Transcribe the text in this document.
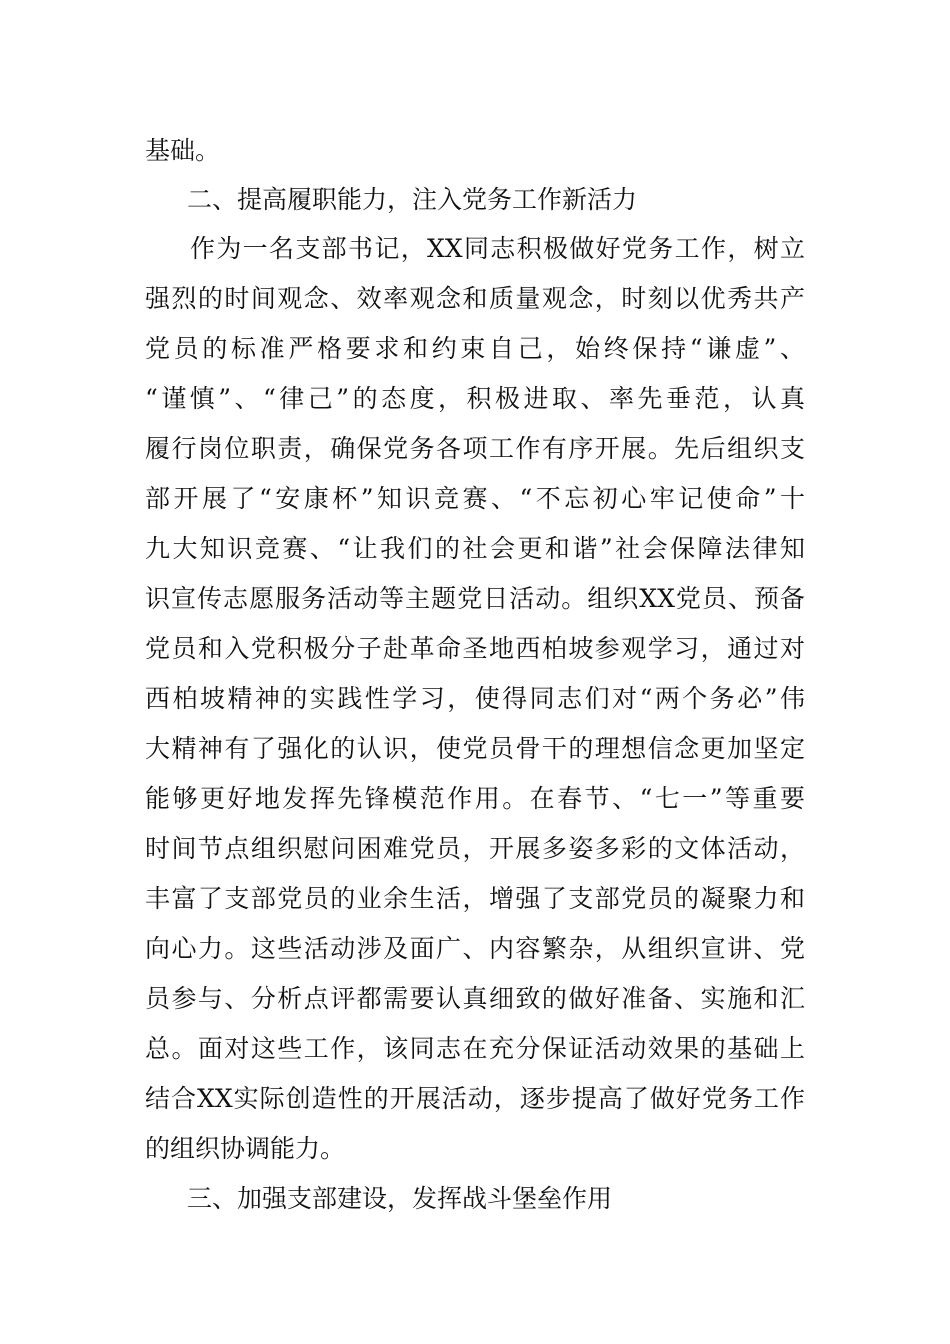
基础。
二、提高履职能力，注入党务工作新活力
作为一名支部书记，XX同志积极做好党务工作，树立
强烈的时间观念、效率观念和质量观念，时刻以优秀共产
党员的标准严格要求和约束自己，始终保持“谦虚”、
“谨慎”、“律己”的态度，积极进取、率先垂范，认真
履行岗位职责，确保党务各项工作有序开展。先后组织支
部开展了“安康杯”知识竞赛、“不忘初心牢记使命”十
九大知识竞赛、“让我们的社会更和谐”社会保障法律知
识宣传志愿服务活动等主题党日活动。组织XX党员、预备
党员和入党积极分子赴革命圣地西柏坡参观学习，通过对
西柏坡精神的实践性学习，使得同志们对“两个务必”伟
大精神有了强化的认识，使党员骨干的理想信念更加坚定
能够更好地发挥先锋模范作用。在春节、“七一”等重要
时间节点组织慰问困难党员，开展多姿多彩的文体活动，
丰富了支部党员的业余生活，增强了支部党员的凝聚力和
向心力。这些活动涉及面广、内容繁杂，从组织宣讲、党
员参与、分析点评都需要认真细致的做好准备、实施和汇
总。面对这些工作，该同志在充分保证活动效果的基础上
结合XX实际创造性的开展活动，逐步提高了做好党务工作
的组织协调能力。
三、加强支部建设，发挥战斗堡垒作用
